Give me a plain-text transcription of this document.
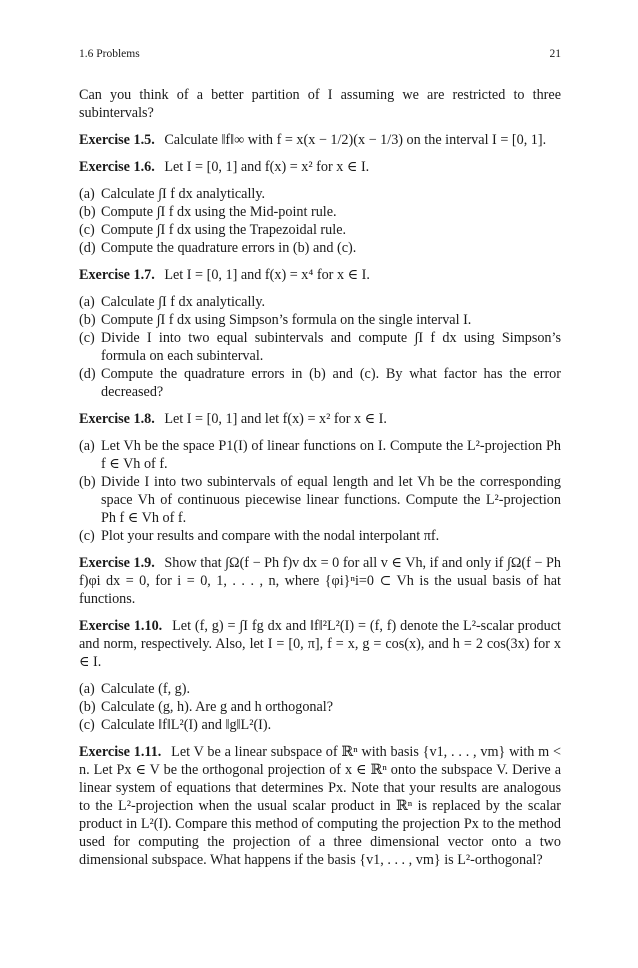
1.6 Problems	21

Can you think of a better partition of I assuming we are restricted to three subintervals?

Exercise 1.5. Calculate ‖f‖∞ with f = x(x − 1/2)(x − 1/3) on the interval I = [0, 1].

Exercise 1.6. Let I = [0, 1] and f(x) = x² for x ∈ I.

(a) Calculate ∫I f dx analytically.
(b) Compute ∫I f dx using the Mid-point rule.
(c) Compute ∫I f dx using the Trapezoidal rule.
(d) Compute the quadrature errors in (b) and (c).

Exercise 1.7. Let I = [0, 1] and f(x) = x⁴ for x ∈ I.

(a) Calculate ∫I f dx analytically.
(b) Compute ∫I f dx using Simpson’s formula on the single interval I.
(c) Divide I into two equal subintervals and compute ∫I f dx using Simpson’s formula on each subinterval.
(d) Compute the quadrature errors in (b) and (c). By what factor has the error decreased?

Exercise 1.8. Let I = [0, 1] and let f(x) = x² for x ∈ I.

(a) Let Vh be the space P1(I) of linear functions on I. Compute the L²-projection Ph f ∈ Vh of f.
(b) Divide I into two subintervals of equal length and let Vh be the corresponding space Vh of continuous piecewise linear functions. Compute the L²-projection Ph f ∈ Vh of f.
(c) Plot your results and compare with the nodal interpolant πf.

Exercise 1.9. Show that ∫Ω(f − Ph f)v dx = 0 for all v ∈ Vh, if and only if ∫Ω(f − Ph f)φi dx = 0, for i = 0, 1, . . . , n, where {φi}ⁿi=0 ⊂ Vh is the usual basis of hat functions.

Exercise 1.10. Let (f, g) = ∫I fg dx and ‖f‖²L²(I) = (f, f) denote the L²-scalar product and norm, respectively. Also, let I = [0, π], f = x, g = cos(x), and h = 2 cos(3x) for x ∈ I.

(a) Calculate (f, g).
(b) Calculate (g, h). Are g and h orthogonal?
(c) Calculate ‖f‖L²(I) and ‖g‖L²(I).

Exercise 1.11. Let V be a linear subspace of ℝⁿ with basis {v1, . . . , vm} with m < n. Let Px ∈ V be the orthogonal projection of x ∈ ℝⁿ onto the subspace V. Derive a linear system of equations that determines Px. Note that your results are analogous to the L²-projection when the usual scalar product in ℝⁿ is replaced by the scalar product in L²(I). Compare this method of computing the projection Px to the method used for computing the projection of a three dimensional vector onto a two dimensional subspace. What happens if the basis {v1, . . . , vm} is L²-orthogonal?
